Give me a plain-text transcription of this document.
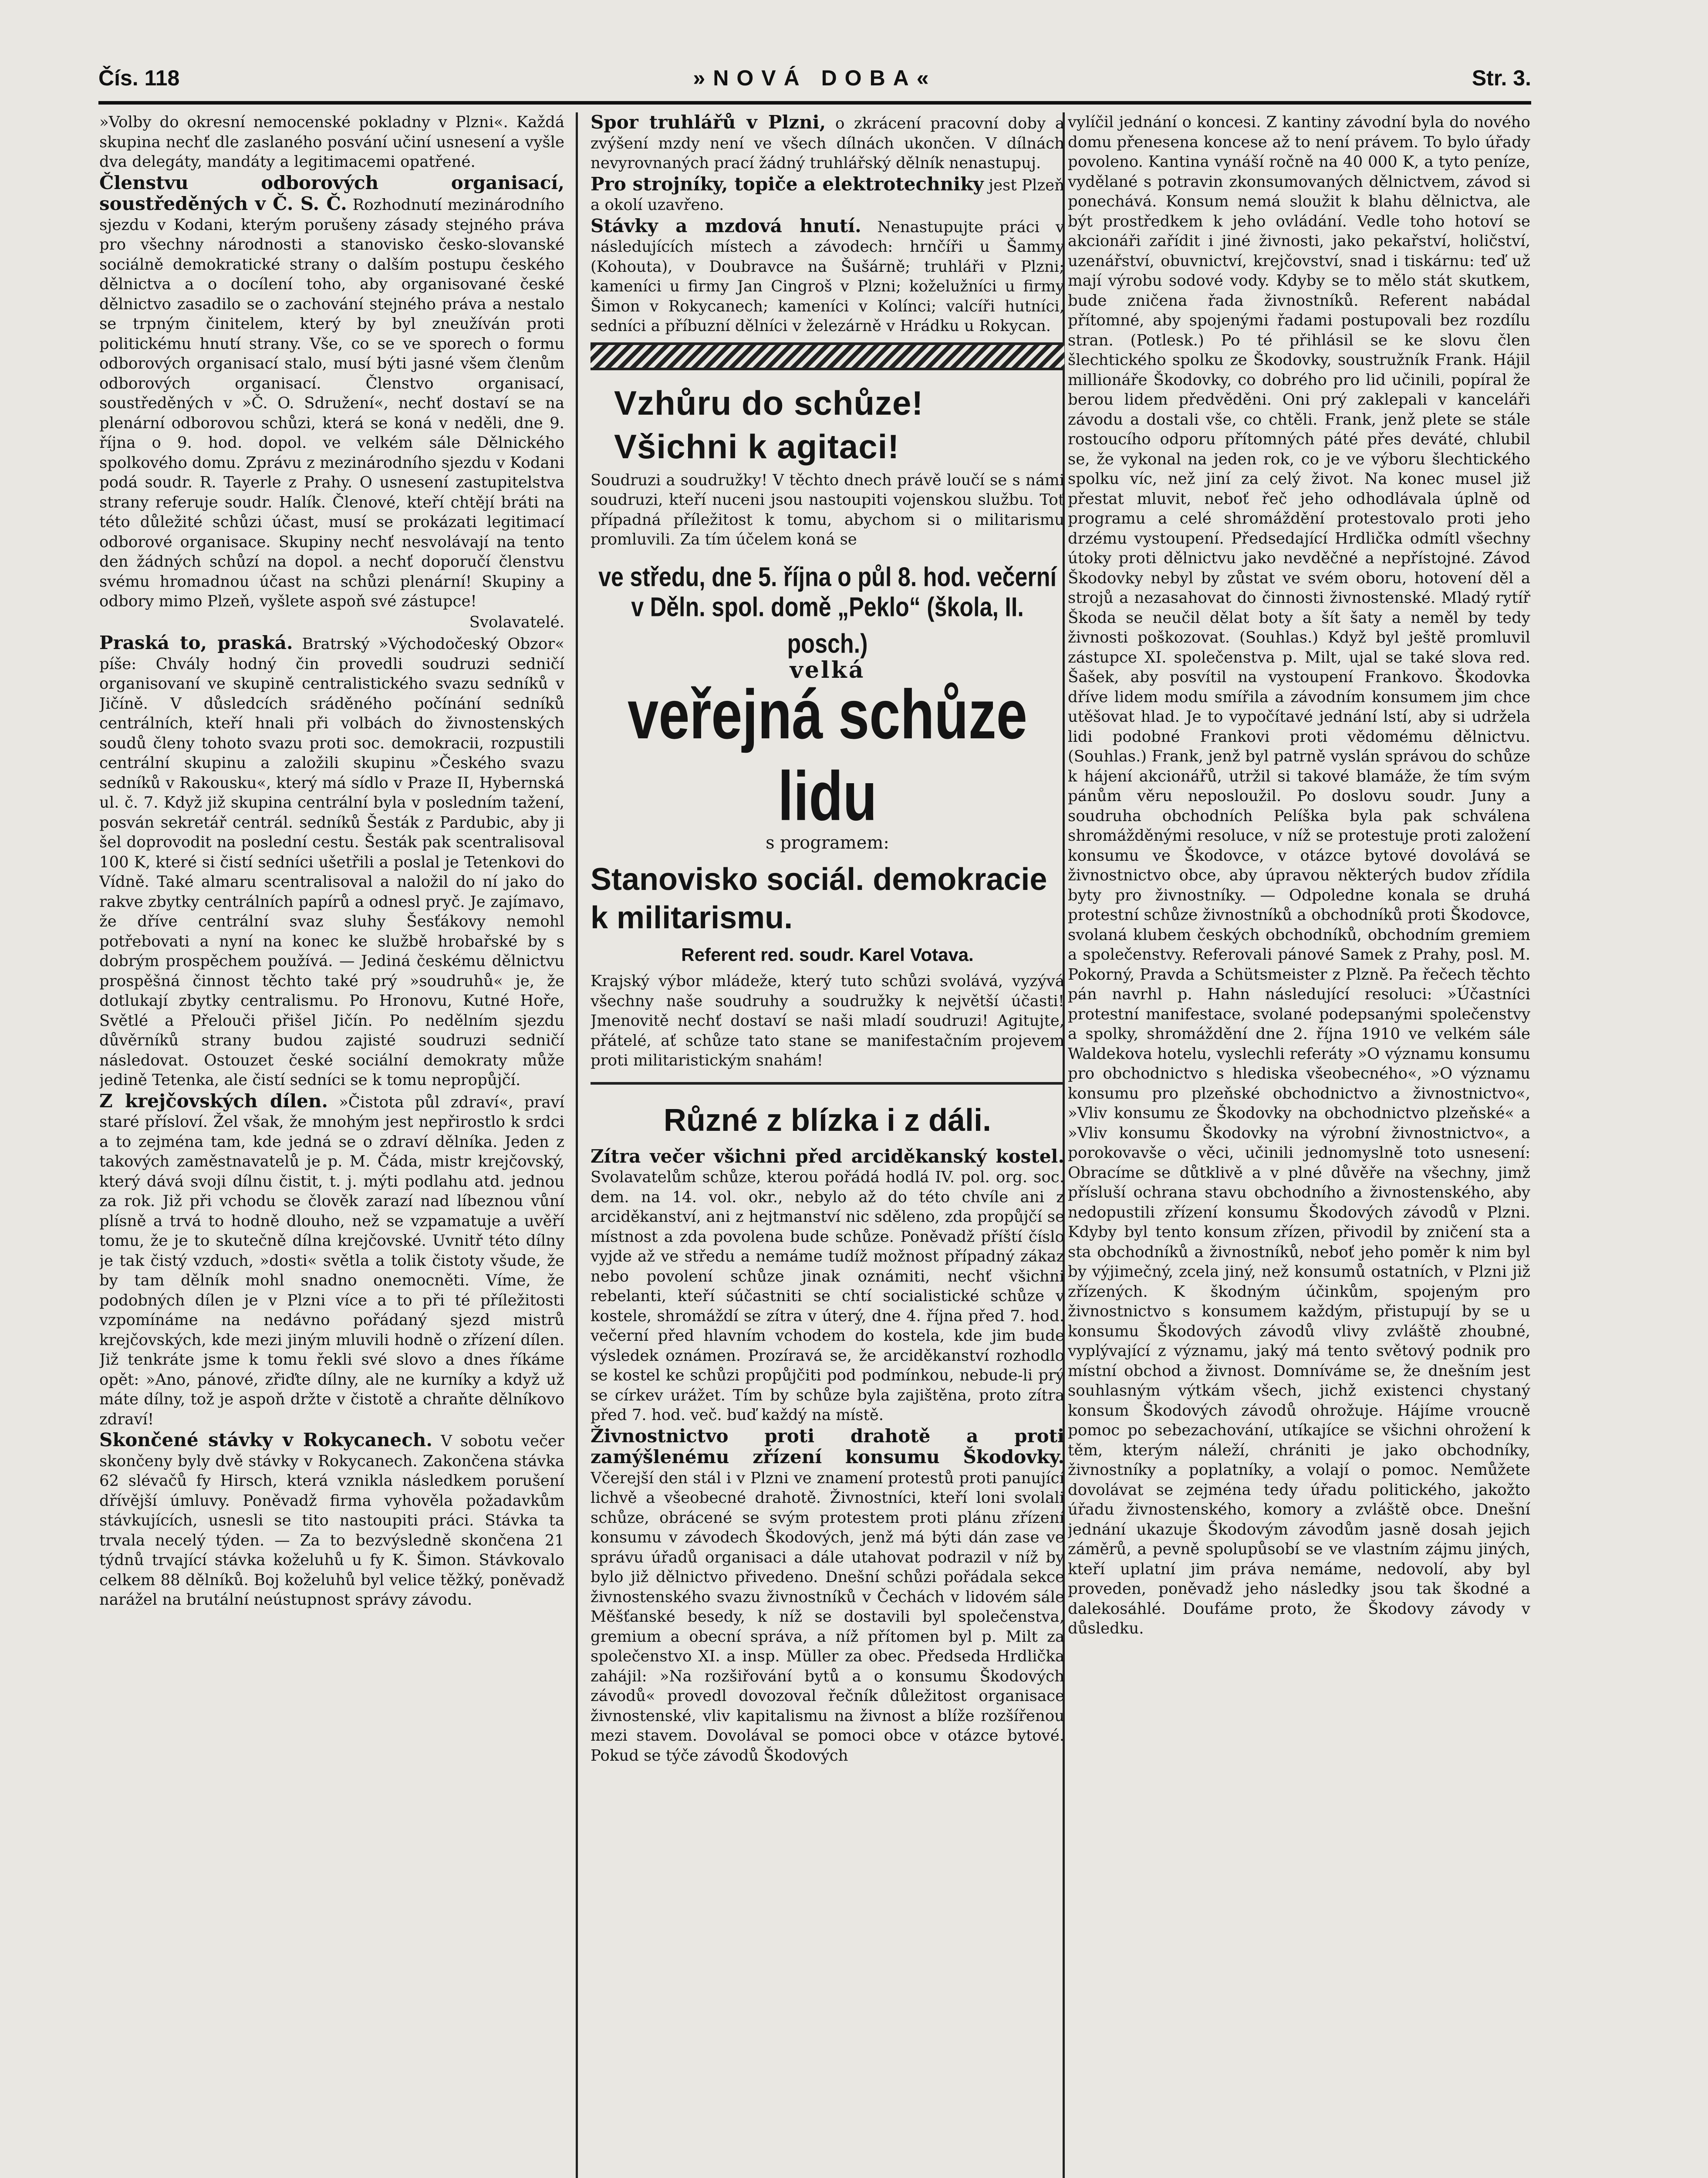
Čís. 118	»NOVÁ DOBA«	Str. 3.

»Volby do okresní nemocenské pokladny v Plzni«. Každá skupina nechť dle zaslaného posvání učiní usnesení a vyšle dva delegáty, mandáty a legitimacemi opatřené.

Členstvu odborových organisací, soustředěných v Č. S. Č. Rozhodnutí mezinárodního sjezdu v Kodani, kterým porušeny zásady stejného práva pro všechny národnosti a stanovisko česko-slovanské sociálně demokratické strany o dalším postupu českého dělnictva a o docílení toho, aby organisované české dělnictvo zasadilo se o zachování stejného práva a nestalo se trpným činitelem, který by byl zneužíván proti politickému hnutí strany. Vše, co se ve sporech o formu odborových organisací stalo, musí býti jasné všem členům odborových organisací. Členstvo organisací, soustředěných v »Č. O. Sdružení«, nechť dostaví se na plenární odborovou schůzi, která se koná v neděli, dne 9. října o 9. hod. dopol. ve velkém sále Dělnického spolkového domu. Zprávu z mezinárodního sjezdu v Kodani podá soudr. R. Tayerle z Prahy. O usnesení zastupitelstva strany referuje soudr. Halík. Členové, kteří chtějí bráti na této důležité schůzi účast, musí se prokázati legitimací odborové organisace. Skupiny nechť nesvolávají na tento den žádných schůzí na dopol. a nechť doporučí členstvu svému hromadnou účast na schůzi plenární! Skupiny a odbory mimo Plzeň, vyšlete aspoň své zástupce!

Svolavatelé.

Praská to, praská. Bratrský »Východočeský Obzor« píše: Chvály hodný čin provedli soudruzi sedničí organisovaní ve skupině centralistického svazu sedníků v Jičíně. V důsledcích sráděného počínání sedníků centrálních, kteří hnali při volbách do živnostenských soudů členy tohoto svazu proti soc. demokracii, rozpustili centrální skupinu a založili skupinu »Českého svazu sedníků v Rakousku«, který má sídlo v Praze II, Hybernská ul. č. 7. Když již skupina centrální byla v posledním tažení, posván sekretář centrál. sedníků Šesták z Pardubic, aby ji šel doprovodit na poslední cestu. Šesták pak scentralisoval 100 K, které si čistí sedníci ušetřili a poslal je Tetenkovi do Vídně. Také almaru scentralisoval a naložil do ní jako do rakve zbytky centrálních papírů a odnesl pryč. Je zajímavo, že dříve centrální svaz sluhy Šesťákovy nemohl potřebovati a nyní na konec ke službě hrobařské by s dobrým prospěchem používá. — Jediná českému dělnictvu prospěšná činnost těchto také prý »soudruhů« je, že dotlukají zbytky centralismu. Po Hronovu, Kutné Hoře, Světlé a Přelouči přišel Jičín. Po nedělním sjezdu důvěrníků strany budou zajisté soudruzi sedničí následovat. Ostouzet české sociální demokraty může jedině Tetenka, ale čistí sedníci se k tomu nepropůjčí.

Z krejčovských dílen. »Čistota půl zdraví«, praví staré přísloví. Žel však, že mnohým jest nepřirostlo k srdci a to zejména tam, kde jedná se o zdraví dělníka. Jeden z takových zaměstnavatelů je p. M. Čáda, mistr krejčovský, který dává svoji dílnu čistit, t. j. mýti podlahu atd. jednou za rok. Již při vchodu se člověk zarazí nad líbeznou vůní plísně a trvá to hodně dlouho, než se vzpamatuje a uvěří tomu, že je to skutečně dílna krejčovské. Uvnitř této dílny je tak čistý vzduch, »dosti« světla a tolik čistoty všude, že by tam dělník mohl snadno onemocněti. Víme, že podobných dílen je v Plzni více a to při té příležitosti vzpomínáme na nedávno pořádaný sjezd mistrů krejčovských, kde mezi jiným mluvili hodně o zřízení dílen. Již tenkráte jsme k tomu řekli své slovo a dnes říkáme opět: »Ano, pánové, zřiďte dílny, ale ne kurníky a když už máte dílny, tož je aspoň držte v čistotě a chraňte dělníkovo zdraví!

Skončené stávky v Rokycanech. V sobotu večer skončeny byly dvě stávky v Rokycanech. Zakončena stávka 62 slévačů fy Hirsch, která vznikla následkem porušení dřívější úmluvy. Poněvadž firma vyhověla požadavkům stávkujících, usnesli se tito nastoupiti práci. Stávka ta trvala necelý týden. — Za to bezvýsledně skončena 21 týdnů trvající stávka koželuhů u fy K. Šimon. Stávkovalo celkem 88 dělníků. Boj koželuhů byl velice těžký, poněvadž narážel na brutální neústupnost správy závodu.

Spor truhlářů v Plzni, o zkrácení pracovní doby a zvýšení mzdy není ve všech dílnách ukončen. V dílnách nevyrovnaných prací žádný truhlářský dělník nenastupuj.

Pro strojníky, topiče a elektrotechniky jest Plzeň a okolí uzavřeno.

Stávky a mzdová hnutí. Nenastupujte práci v následujících místech a závodech: hrnčíři u Šammy (Kohouta), v Doubravce na Šušárně; truhláři v Plzni; kameníci u firmy Jan Cingroš v Plzni; koželužníci u firmy Šimon v Rokycanech; kameníci v Kolínci; valcíři hutníci, sedníci a příbuzní dělníci v železárně v Hrádku u Rokycan.

Vzhůru do schůze!
Všichni k agitaci!
Soudruzi a soudružky! V těchto dnech právě loučí se s námi soudruzi, kteří nuceni jsou nastoupiti vojenskou službu. Toť případná příležitost k tomu, abychom si o militarismu promluvili. Za tím účelem koná se
ve středu, dne 5. října o půl 8. hod. večerní
v Děln. spol. domě „Peklo“ (škola, II. posch.)
velká
veřejná schůze lidu
s programem:
Stanovisko sociál. demokracie k militarismu.
Referent red. soudr. Karel Votava.
Krajský výbor mládeže, který tuto schůzi svolává, vyzývá všechny naše soudruhy a soudružky k největší účasti! Jmenovitě nechť dostaví se naši mladí soudruzi! Agitujte, přátelé, ať schůze tato stane se manifestačním projevem proti militaristickým snahám!
Různé z blízka i z dáli.

Zítra večer všichni před arciděkanský kostel. Svolavatelům schůze, kterou pořádá hodlá IV. pol. org. soc. dem. na 14. vol. okr., nebylo až do této chvíle ani z arciděkanství, ani z hejtmanství nic sděleno, zda propůjčí se místnost a zda povolena bude schůze. Poněvadž příští číslo vyjde až ve středu a nemáme tudíž možnost případný zákaz nebo povolení schůze jinak oznámiti, nechť všichni rebelanti, kteří súčastniti se chtí socialistické schůze v kostele, shromáždí se zítra v úterý, dne 4. října před 7. hod. večerní před hlavním vchodem do kostela, kde jim bude výsledek oznámen. Prozíravá se, že arciděkanství rozhodlo se kostel ke schůzi propůjčiti pod podmínkou, nebude-li prý se církev urážet. Tím by schůze byla zajištěna, proto zítra před 7. hod. več. buď každý na místě.

Živnostnictvo proti drahotě a proti zamýšlenému zřízení konsumu Škodovky. Včerejší den stál i v Plzni ve znamení protestů proti panující lichvě a všeobecné drahotě. Živnostníci, kteří loni svolali schůze, obrácené se svým protestem proti plánu zřízení konsumu v závodech Škodových, jenž má býti dán zase ve správu úřadů organisaci a dále utahovat podrazil v níž by bylo již dělnictvo přivedeno. Dnešní schůzi pořádala sekce živnostenského svazu živnostníků v Čechách v lidovém sále Měšťanské besedy, k níž se dostavili byl společenstva, gremium a obecní správa, a níž přítomen byl p. Milt za společenstvo XI. a insp. Müller za obec. Předseda Hrdlička zahájil: »Na rozšiřování bytů a o konsumu Škodových závodů« provedl dovozoval řečník důležitost organisace živnostenské, vliv kapitalismu na živnost a blíže rozšířenou mezi stavem. Dovolával se pomoci obce v otázce bytové. Pokud se týče závodů Škodových

vylíčil jednání o koncesi. Z kantiny závodní byla do nového domu přenesena koncese až to není právem. To bylo úřady povoleno. Kantina vynáší ročně na 40 000 K, a tyto peníze, vydělané s potravin zkonsumovaných dělnictvem, závod si ponechává. Konsum nemá sloužit k blahu dělnictva, ale být prostředkem k jeho ovládání. Vedle toho hotoví se akcionáři zařídit i jiné živnosti, jako pekařství, holičství, uzenářství, obuvnictví, krejčovství, snad i tiskárnu: teď už mají výrobu sodové vody. Kdyby se to mělo stát skutkem, bude zničena řada živnostníků. Referent nabádal přítomné, aby spojenými řadami postupovali bez rozdílu stran. (Potlesk.) Po té přihlásil se ke slovu člen šlechtického spolku ze Škodovky, soustružník Frank. Hájil millionáře Škodovky, co dobrého pro lid učinili, popíral že berou lidem předvěděni. Oni prý zaklepali v kanceláři závodu a dostali vše, co chtěli. Frank, jenž plete se stále rostoucího odporu přítomných páté přes deváté, chlubil se, že vykonal na jeden rok, co je ve výboru šlechtického spolku víc, než jiní za celý život. Na konec musel již přestat mluvit, neboť řeč jeho odhodlávala úplně od programu a celé shromáždění protestovalo proti jeho drzému vystoupení. Předsedající Hrdlička odmítl všechny útoky proti dělnictvu jako nevděčné a nepřístojné. Závod Škodovky nebyl by zůstat ve svém oboru, hotovení děl a strojů a nezasahovat do činnosti živnostenské. Mladý rytíř Škoda se neučil dělat boty a šít šaty a neměl by tedy živnosti poškozovat. (Souhlas.) Když byl ještě promluvil zástupce XI. společenstva p. Milt, ujal se také slova red. Šašek, aby posvítil na vystoupení Frankovo. Škodovka dříve lidem modu smířila a závodním konsumem jim chce utěšovat hlad. Je to vypočítavé jednání lstí, aby si udržela lidi podobné Frankovi proti vědomému dělnictvu. (Souhlas.) Frank, jenž byl patrně vyslán správou do schůze k hájení akcionářů, utržil si takové blamáže, že tím svým pánům věru neposloužil. Po doslovu soudr. Juny a soudruha obchodních Pelíška byla pak schválena shromážděnými resoluce, v níž se protestuje proti založení konsumu ve Škodovce, v otázce bytové dovolává se živnostnictvo obce, aby úpravou některých budov zřídila byty pro živnostníky. — Odpoledne konala se druhá protestní schůze živnostníků a obchodníků proti Škodovce, svolaná klubem českých obchodníků, obchodním gremiem a společenstvy. Referovali pánové Samek z Prahy, posl. M. Pokorný, Pravda a Schütsmeister z Plzně. Pa řečech těchto pán navrhl p. Hahn následující resoluci: »Účastníci protestní manifestace, svolané podepsanými společenstvy a spolky, shromáždění dne 2. října 1910 ve velkém sále Waldekova hotelu, vyslechli referáty »O významu konsumu pro obchodnictvo s hlediska všeobecného«, »O významu konsumu pro plzeňské obchodnictvo a živnostnictvo«, »Vliv konsumu ze Škodovky na obchodnictvo plzeňské« a »Vliv konsumu Škodovky na výrobní živnostnictvo«, a porokovavše o věci, učinili jednomyslně toto usnesení: Obracíme se důtklivě a v plné důvěře na všechny, jimž přísluší ochrana stavu obchodního a živnostenského, aby nedopustili zřízení konsumu Škodových závodů v Plzni. Kdyby byl tento konsum zřízen, přivodil by zničení sta a sta obchodníků a živnostníků, neboť jeho poměr k nim byl by výjimečný, zcela jiný, než konsumů ostatních, v Plzni již zřízených. K škodným účinkům, spojeným pro živnostnictvo s konsumem každým, přistupují by se u konsumu Škodových závodů vlivy zvláště zhoubné, vyplývající z významu, jaký má tento světový podnik pro místní obchod a živnost. Domníváme se, že dnešním jest souhlasným výtkám všech, jichž existenci chystaný konsum Škodových závodů ohrožuje. Hájíme vroucně pomoc po sebezachování, utíkajíce se všichni ohrožení k těm, kterým náleží, chrániti je jako obchodníky, živnostníky a poplatníky, a volají o pomoc. Nemůžete dovolávat se zejména tedy úřadu politického, jakožto úřadu živnostenského, komory a zvláště obce. Dnešní jednání ukazuje Škodovým závodům jasně dosah jejich záměrů, a pevně spolupůsobí se ve vlastním zájmu jiných, kteří uplatní jim práva nemáme, nedovolí, aby byl proveden, poněvadž jeho následky jsou tak škodné a dalekosáhlé. Doufáme proto, že Škodovy závody v důsledku.
